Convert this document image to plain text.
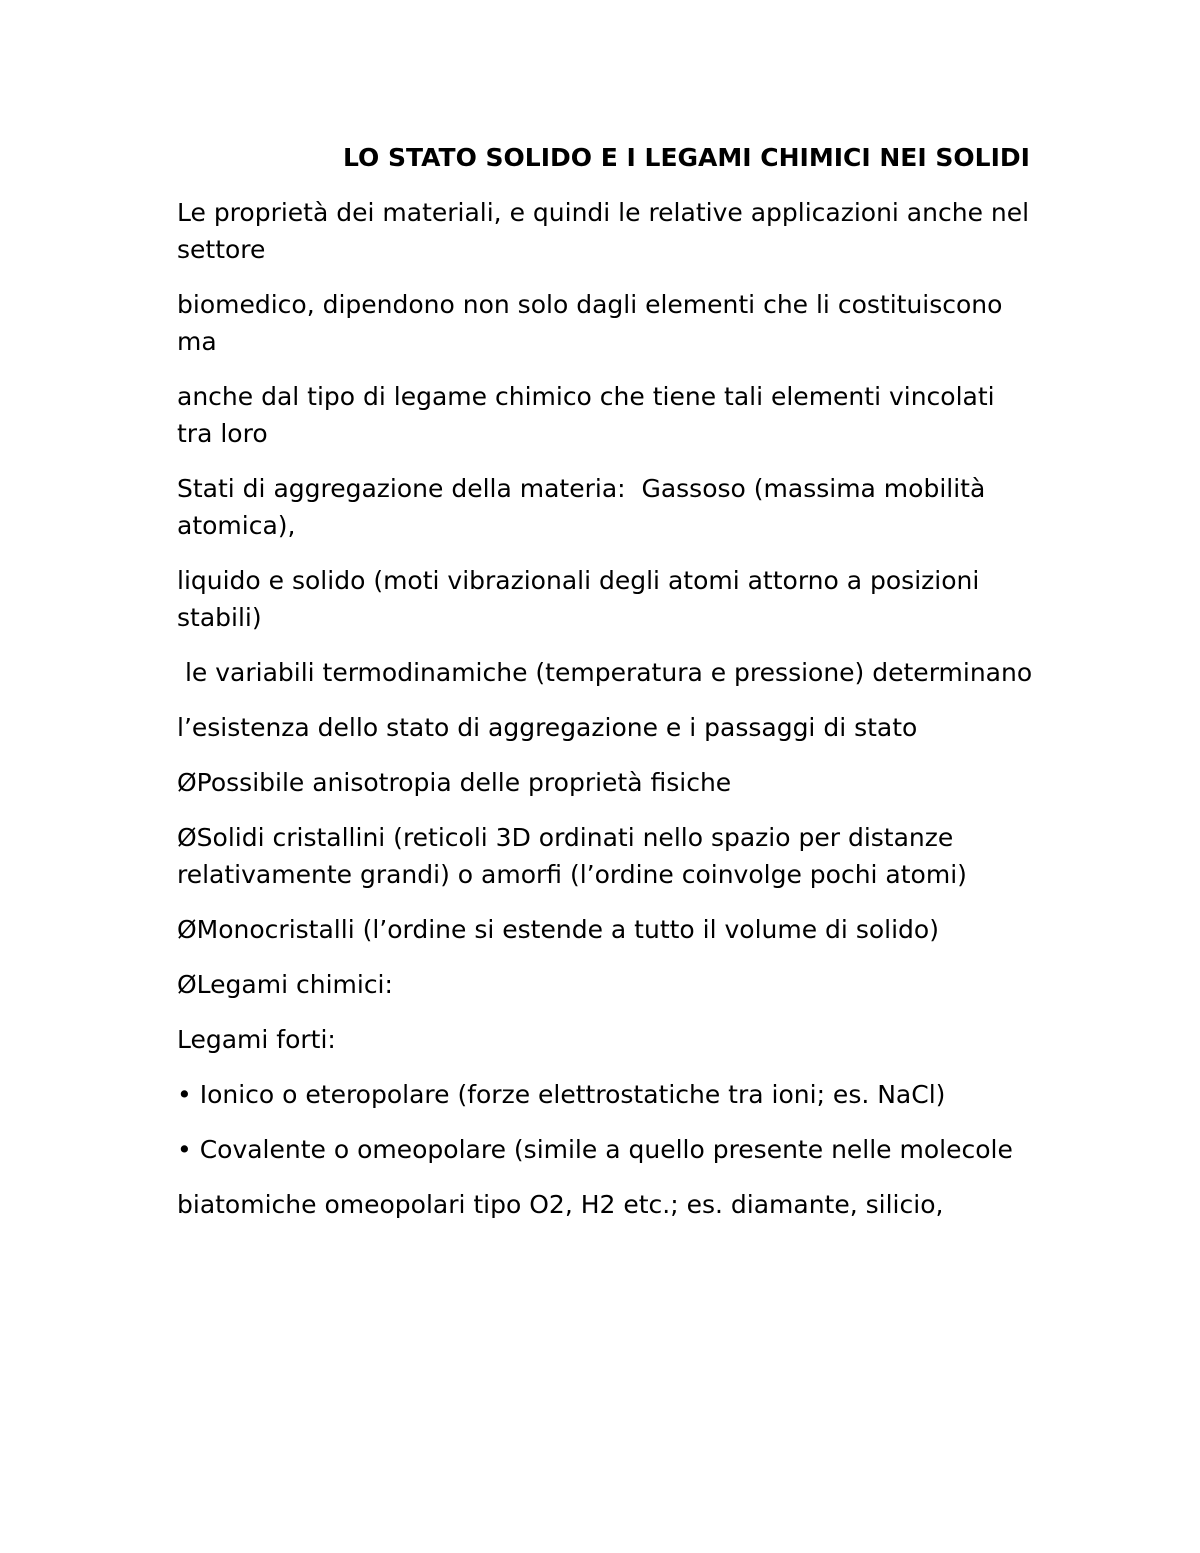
LO STATO SOLIDO E I LEGAMI CHIMICI NEI SOLIDI

Le proprietà dei materiali, e quindi le relative applicazioni anche nel settore

biomedico, dipendono non solo dagli elementi che li costituiscono ma

anche dal tipo di legame chimico che tiene tali elementi vincolati tra loro

Stati di aggregazione della materia:  Gassoso (massima mobilità atomica),

liquido e solido (moti vibrazionali degli atomi attorno a posizioni stabili)

le variabili termodinamiche (temperatura e pressione) determinano

l’esistenza dello stato di aggregazione e i passaggi di stato

ØPossibile anisotropia delle proprietà fisiche

ØSolidi cristallini (reticoli 3D ordinati nello spazio per distanze relativamente grandi) o amorfi (l’ordine coinvolge pochi atomi)

ØMonocristalli (l’ordine si estende a tutto il volume di solido)

ØLegami chimici:

Legami forti:

• Ionico o eteropolare (forze elettrostatiche tra ioni; es. NaCl)

• Covalente o omeopolare (simile a quello presente nelle molecole

biatomiche omeopolari tipo O2, H2 etc.; es. diamante, silicio,
